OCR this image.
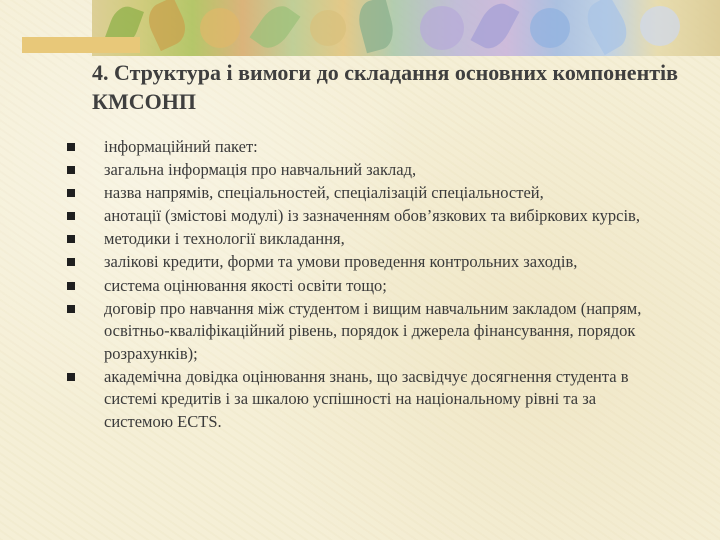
4. Структура і вимоги до складання основних компонентів КМСОНП
інформаційний пакет:
загальна інформація про навчальний заклад,
назва напрямів, спеціальностей, спеціалізацій спеціальностей,
анотації (змістові модулі) із зазначенням обов’язкових та вибіркових курсів,
методики і технології викладання,
залікові кредити, форми та умови проведення контрольних заходів,
система оцінювання якості освіти тощо;
договір про навчання між студентом і вищим навчальним закладом (напрям, освітньо-кваліфікаційний рівень, порядок і джерела фінансування, порядок розрахунків);
академічна довідка оцінювання знань, що засвідчує досягнення студента в системі кредитів і за шкалою успішності на національному рівні та за системою ECTS.
